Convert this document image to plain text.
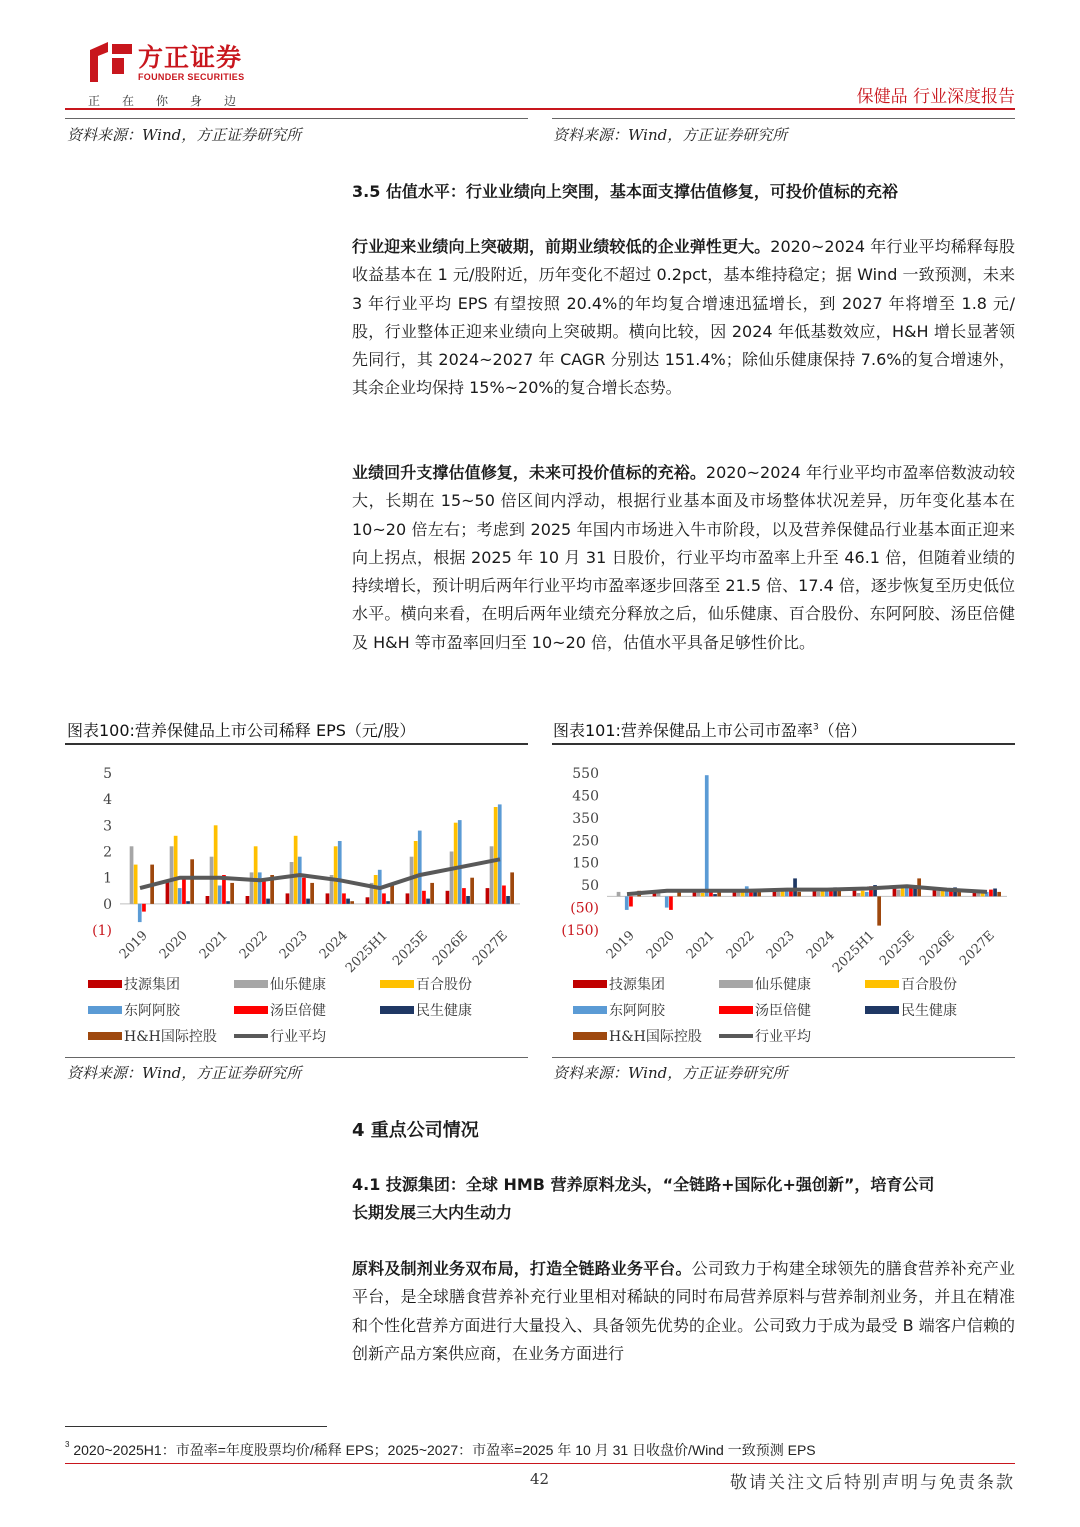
方正证券
FOUNDER SECURITIES
正在你身边	保健品 行业深度报告
资料来源：Wind，方正证券研究所	资料来源：Wind，方正证券研究所
3.5 估值水平：行业业绩向上突围，基本面支撑估值修复，可投价值标的充裕
行业迎来业绩向上突破期，前期业绩较低的企业弹性更大。2020~2024 年行业平均稀释每股收益基本在 1 元/股附近，历年变化不超过 0.2pct，基本维持稳定；据 Wind 一致预测，未来 3 年行业平均 EPS 有望按照 20.4%的年均复合增速迅猛增长，到 2027 年将增至 1.8 元/股，行业整体正迎来业绩向上突破期。横向比较，因 2024 年低基数效应，H&H 增长显著领先同行，其 2024~2027 年 CAGR 分别达 151.4%；除仙乐健康保持 7.6%的复合增速外，其余企业均保持 15%~20%的复合增长态势。
业绩回升支撑估值修复，未来可投价值标的充裕。2020~2024 年行业平均市盈率倍数波动较大，长期在 15~50 倍区间内浮动，根据行业基本面及市场整体状况差异，历年变化基本在 10~20 倍左右；考虑到 2025 年国内市场进入牛市阶段，以及营养保健品行业基本面正迎来向上拐点，根据 2025 年 10 月 31 日股价，行业平均市盈率上升至 46.1 倍，但随着业绩的持续增长，预计明后两年行业平均市盈率逐步回落至 21.5 倍、17.4 倍，逐步恢复至历史低位水平。横向来看，在明后两年业绩充分释放之后，仙乐健康、百合股份、东阿阿胶、汤臣倍健及 H&H 等市盈率回归至 10~20 倍，估值水平具备足够性价比。
图表100:营养保健品上市公司稀释 EPS（元/股）	图表101:营养保健品上市公司市盈率$^3$（倍）
5
4
3
2
1
0
(1) 2019 2020 2021 2022 2023 2024
2025H1 2025E 2026E 2027E
550
450
350
250
150
50
(50)
(150) 2019 2020 2021 2022 2023 2024
2025H1 2025E 2026E 2027E
技源集团	仙乐健康	百合股份
东阿阿胶	汤臣倍健	民生健康
H&H国际控股	行业平均
技源集团	仙乐健康	百合股份
东阿阿胶	汤臣倍健	民生健康
H&H国际控股	行业平均
资料来源：Wind，方正证券研究所	资料来源：Wind，方正证券研究所
4 重点公司情况
4.1 技源集团：全球 HMB 营养原料龙头，“全链路+国际化+强创新”，培育公司
长期发展三大内生动力
原料及制剂业务双布局，打造全链路业务平台。公司致力于构建全球领先的膳食营养补充产业平台，是全球膳食营养补充行业里相对稀缺的同时布局营养原料与营养制剂业务，并且在精准和个性化营养方面进行大量投入、具备领先优势的企业。公司致力于成为最受 B 端客户信赖的创新产品方案供应商，在业务方面进行
$^3$ 2020~2025H1：市盈率=年度股票均价/稀释 EPS；2025~2027：市盈率=2025 年 10 月 31 日收盘价/Wind 一致预测 EPS
42	敬请关注文后特别声明与免责条款
